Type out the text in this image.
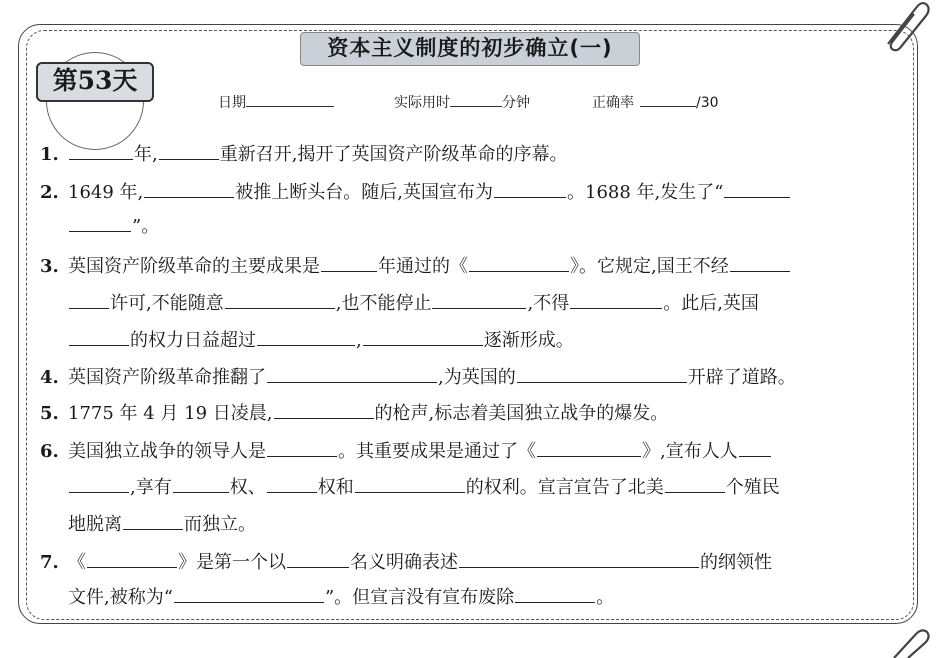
资本主义制度的初步确立(一)
第53天
日期	实际用时	分钟	正确率	/30
1.	年,	重新召开,揭开了英国资产阶级革命的序幕。
2. 1649 年,	被推上断头台。随后,英国宣布为	。1688 年,发生了“
”。
3. 英国资产阶级革命的主要成果是	年通过的《	》。它规定,国王不经
许可,不能随意	,也不能停止	,不得	。此后,英国
的权力日益超过	,	逐渐形成。
4. 英国资产阶级革命推翻了	,为英国的	开辟了道路。
5. 1775 年 4 月 19 日凌晨,	的枪声,标志着美国独立战争的爆发。
6. 美国独立战争的领导人是	。其重要成果是通过了《	》,宣布人人
,享有	权、	权和	的权利。宣言宣告了北美	个殖民
地脱离	而独立。
7. 《	》是第一个以	名义明确表述	的纲领性
文件,被称为“	”。但宣言没有宣布废除	。
